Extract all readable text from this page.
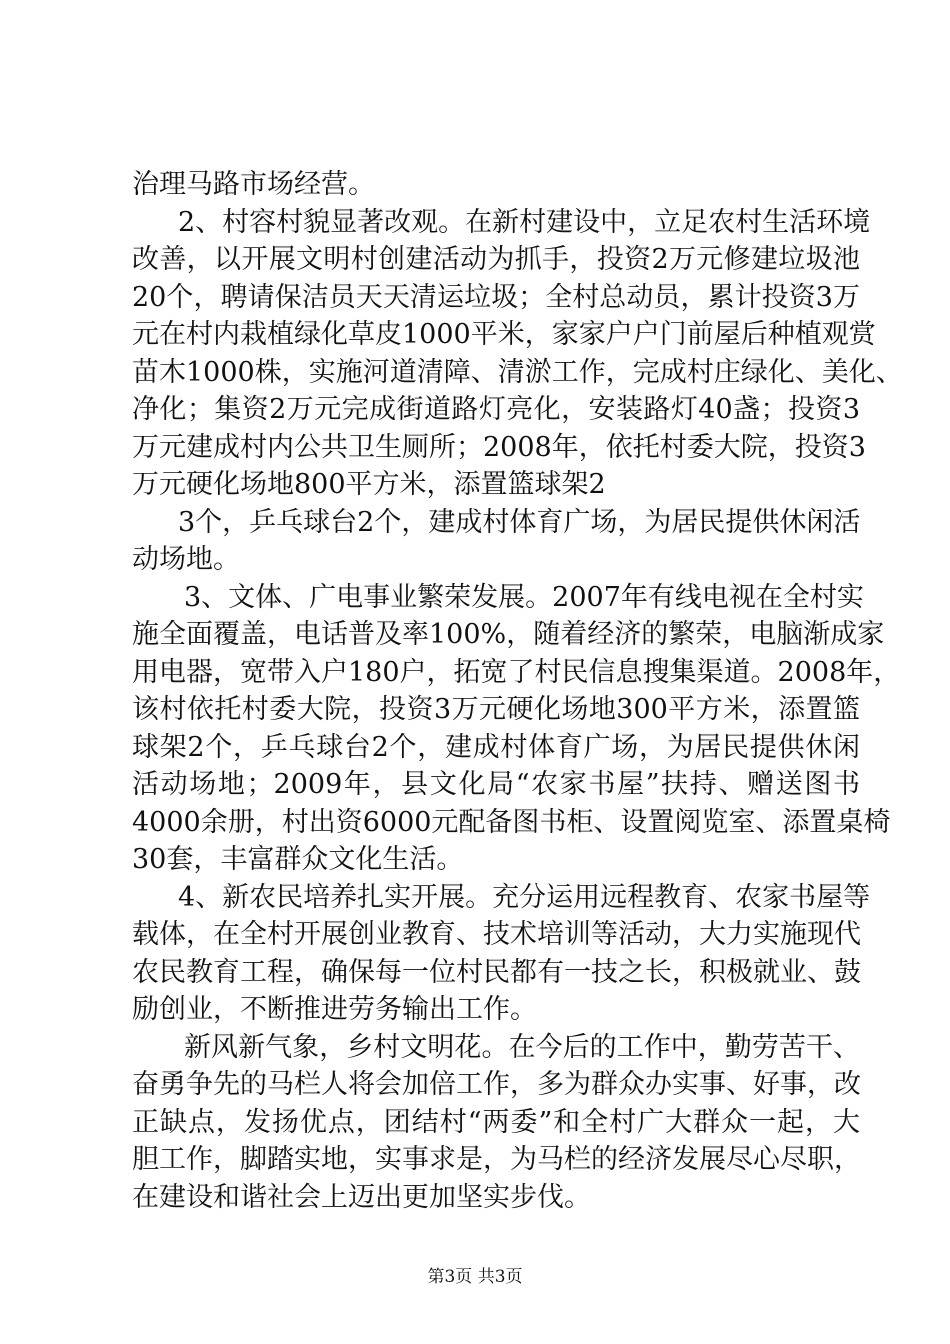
治理马路市场经营。
2、村容村貌显著改观。在新村建设中，立足农村生活环境
改善，以开展文明村创建活动为抓手，投资2万元修建垃圾池
20个，聘请保洁员天天清运垃圾；全村总动员，累计投资3万
元在村内栽植绿化草皮1000平米，家家户户门前屋后种植观赏
苗木1000株，实施河道清障、清淤工作，完成村庄绿化、美化、
净化；集资2万元完成街道路灯亮化，安装路灯40盏；投资3
万元建成村内公共卫生厕所；2008年，依托村委大院，投资3
万元硬化场地800平方米，添置篮球架2
3个，乒乓球台2个，建成村体育广场，为居民提供休闲活
动场地。
3、文体、广电事业繁荣发展。2007年有线电视在全村实
施全面覆盖，电话普及率100%，随着经济的繁荣，电脑渐成家
用电器，宽带入户180户，拓宽了村民信息搜集渠道。2008年，
该村依托村委大院，投资3万元硬化场地300平方米，添置篮
球架2个，乒乓球台2个，建成村体育广场，为居民提供休闲
活动场地；2009年，县文化局“农家书屋”扶持、赠送图书
4000余册，村出资6000元配备图书柜、设置阅览室、添置桌椅
30套，丰富群众文化生活。
4、新农民培养扎实开展。充分运用远程教育、农家书屋等
载体，在全村开展创业教育、技术培训等活动，大力实施现代
农民教育工程，确保每一位村民都有一技之长，积极就业、鼓
励创业，不断推进劳务输出工作。
新风新气象，乡村文明花。在今后的工作中，勤劳苦干、
奋勇争先的马栏人将会加倍工作，多为群众办实事、好事，改
正缺点，发扬优点，团结村“两委”和全村广大群众一起，大
胆工作，脚踏实地，实事求是，为马栏的经济发展尽心尽职，
在建设和谐社会上迈出更加坚实步伐。
第3页 共3页
